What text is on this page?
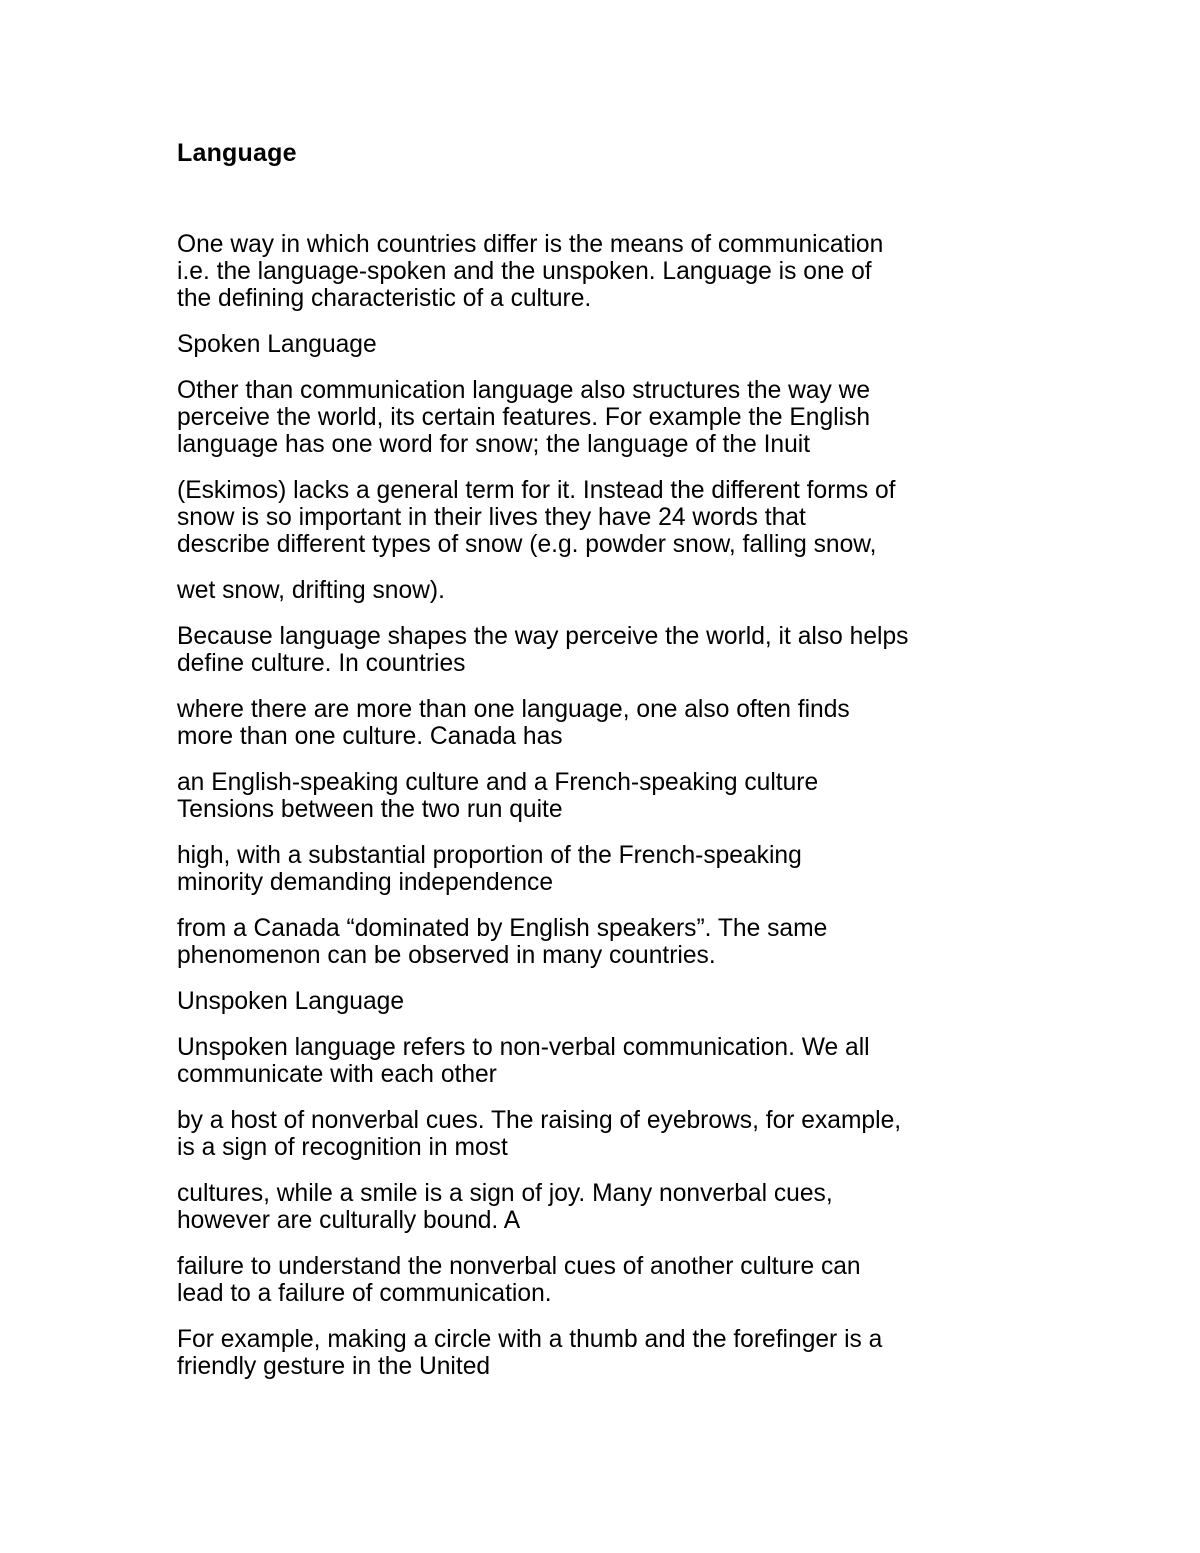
Language
One way in which countries differ is the means of communication
i.e. the language-spoken and the unspoken. Language is one of
the defining characteristic of a culture.
Spoken Language
Other than communication language also structures the way we
perceive the world, its certain features. For example the English
language has one word for snow; the language of the Inuit
(Eskimos) lacks a general term for it. Instead the different forms of
snow is so important in their lives they have 24 words that
describe different types of snow (e.g. powder snow, falling snow,
wet snow, drifting snow).
Because language shapes the way perceive the world, it also helps
define culture. In countries
where there are more than one language, one also often finds
more than one culture. Canada has
an English-speaking culture and a French-speaking culture
Tensions between the two run quite
high, with a substantial proportion of the French-speaking
minority demanding independence
from a Canada “dominated by English speakers”. The same
phenomenon can be observed in many countries.
Unspoken Language
Unspoken language refers to non-verbal communication. We all
communicate with each other
by a host of nonverbal cues. The raising of eyebrows, for example,
is a sign of recognition in most
cultures, while a smile is a sign of joy. Many nonverbal cues,
however are culturally bound. A
failure to understand the nonverbal cues of another culture can
lead to a failure of communication.
For example, making a circle with a thumb and the forefinger is a
friendly gesture in the United
